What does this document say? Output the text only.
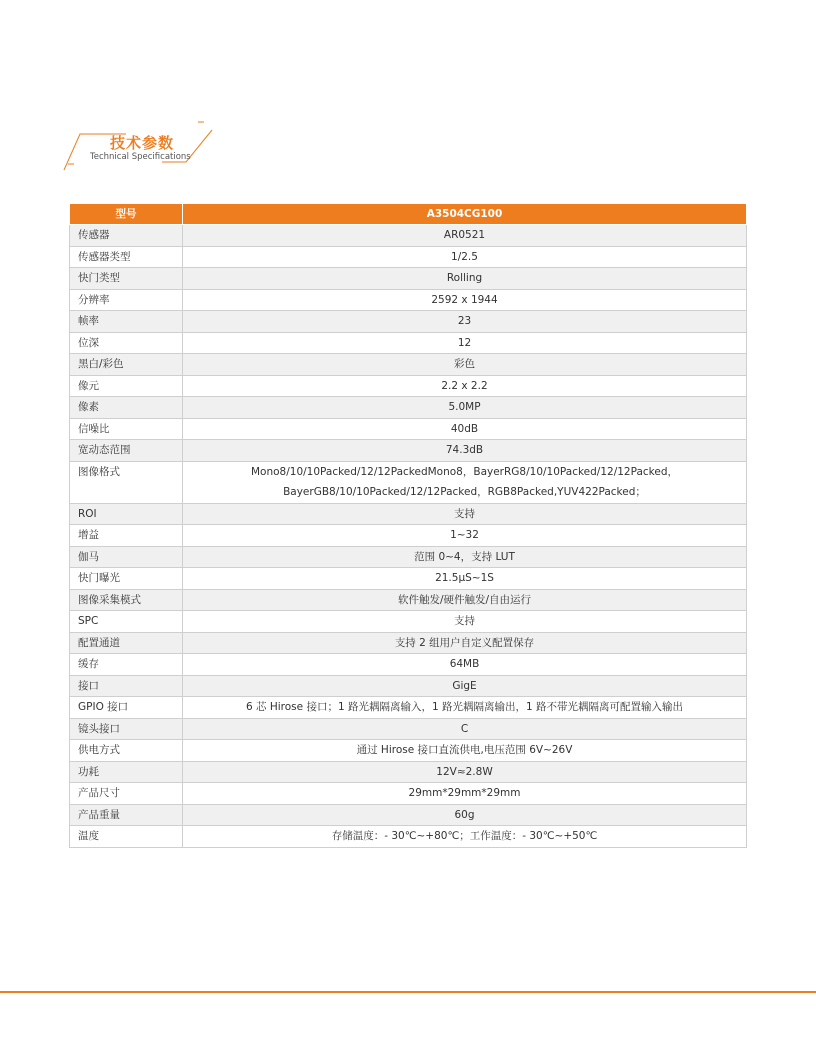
技术参数
Technical Specifications
型号	A3504CG100
传感器	AR0521
传感器类型	1/2.5
快门类型	Rolling
分辨率	2592 x 1944
帧率	23
位深	12
黑白/彩色	彩色
像元	2.2 x 2.2
像素	5.0MP
信噪比	40dB
宽动态范围	74.3dB
图像格式	Mono8/10/10Packed/12/12PackedMono8，BayerRG8/10/10Packed/12/12Packed，
BayerGB8/10/10Packed/12/12Packed，RGB8Packed,YUV422Packed；

ROI	支持
增益	1~32
伽马	范围 0~4，支持 LUT
快门曝光	21.5μS~1S
图像采集模式	软件触发/硬件触发/自由运行
SPC	支持
配置通道	支持 2 组用户自定义配置保存
缓存	64MB
接口	GigE
GPIO 接口	6 芯 Hirose 接口；1 路光耦隔离输入，1 路光耦隔离输出，1 路不带光耦隔离可配置输入输出
镜头接口	C
供电方式	通过 Hirose 接口直流供电,电压范围 6V~26V
功耗	12V≈2.8W
产品尺寸	29mm*29mm*29mm
产品重量	60g
温度	存储温度：- 30℃~+80℃；工作温度：- 30℃~+50℃
